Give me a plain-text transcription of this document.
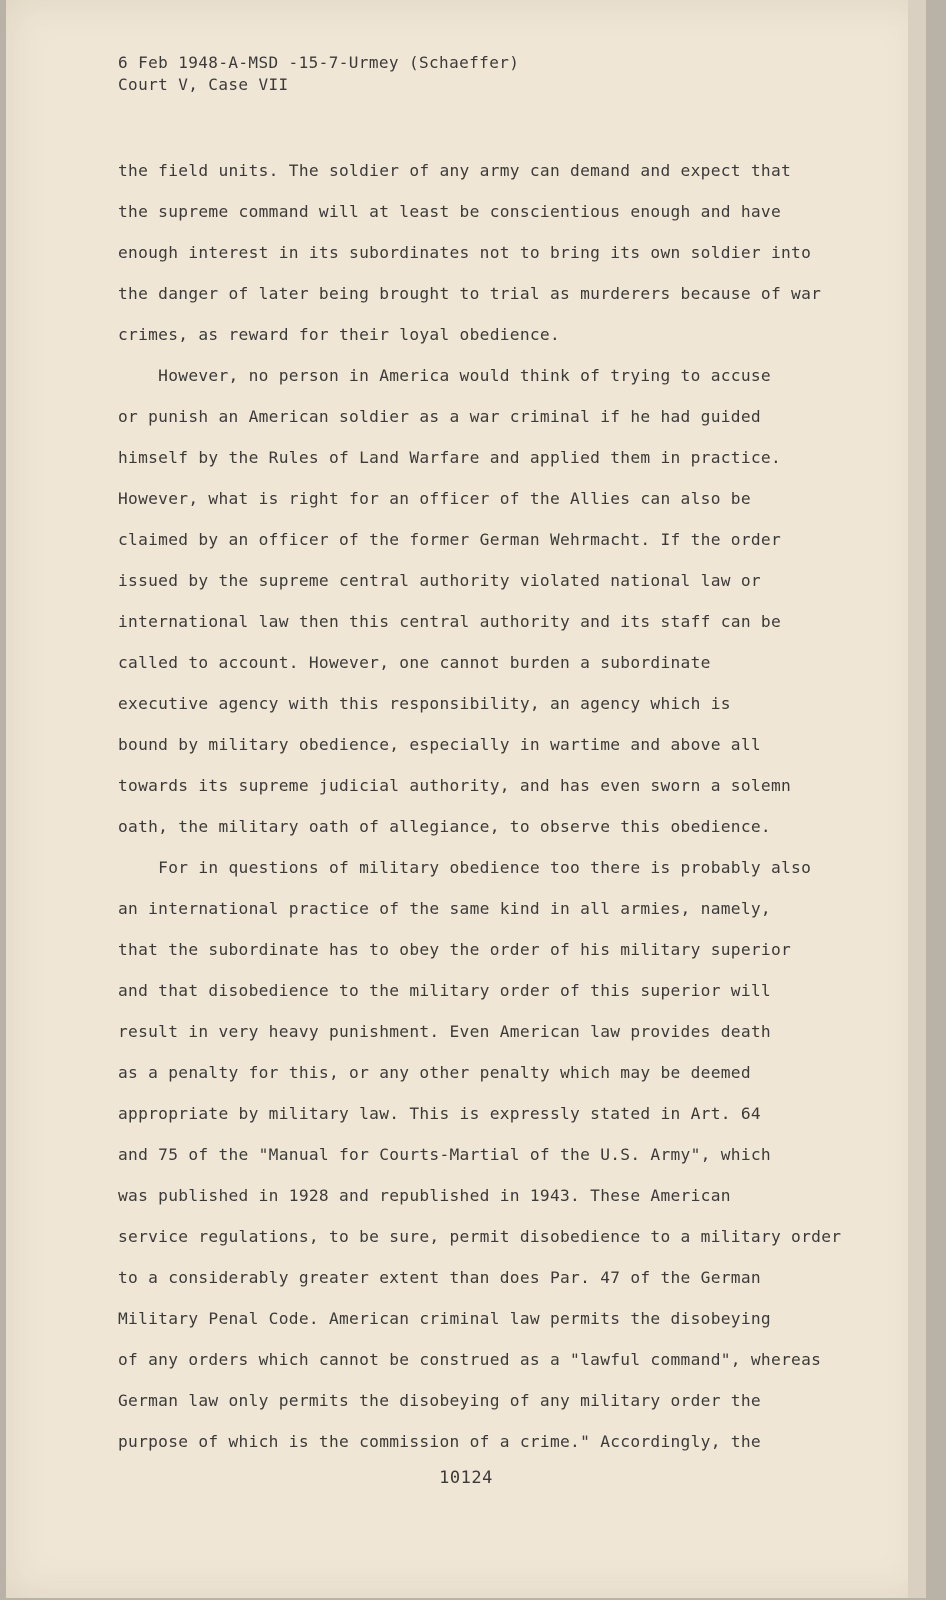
6 Feb 1948-A-MSD -15-7-Urmey (Schaeffer)
Court V, Case VII
the field units. The soldier of any army can demand and expect that
the supreme command will at least be conscientious enough and have
enough interest in its subordinates not to bring its own soldier into
the danger of later being brought to trial as murderers because of war
crimes, as reward for their loyal obedience.
However, no person in America would think of trying to accuse
or punish an American soldier as a war criminal if he had guided
himself by the Rules of Land Warfare and applied them in practice.
However, what is right for an officer of the Allies can also be
claimed by an officer of the former German Wehrmacht. If the order
issued by the supreme central authority violated national law or
international law then this central authority and its staff can be
called to account. However, one cannot burden a subordinate
executive agency with this responsibility, an agency which is
bound by military obedience, especially in wartime and above all
towards its supreme judicial authority, and has even sworn a solemn
oath, the military oath of allegiance, to observe this obedience.
For in questions of military obedience too there is probably also
an international practice of the same kind in all armies, namely,
that the subordinate has to obey the order of his military superior
and that disobedience to the military order of this superior will
result in very heavy punishment. Even American law provides death
as a penalty for this, or any other penalty which may be deemed
appropriate by military law. This is expressly stated in Art. 64
and 75 of the "Manual for Courts-Martial of the U.S. Army", which
was published in 1928 and republished in 1943. These American
service regulations, to be sure, permit disobedience to a military order
to a considerably greater extent than does Par. 47 of the German
Military Penal Code. American criminal law permits the disobeying
of any orders which cannot be construed as a "lawful command", whereas
German law only permits the disobeying of any military order the
purpose of which is the commission of a crime." Accordingly, the
10124
